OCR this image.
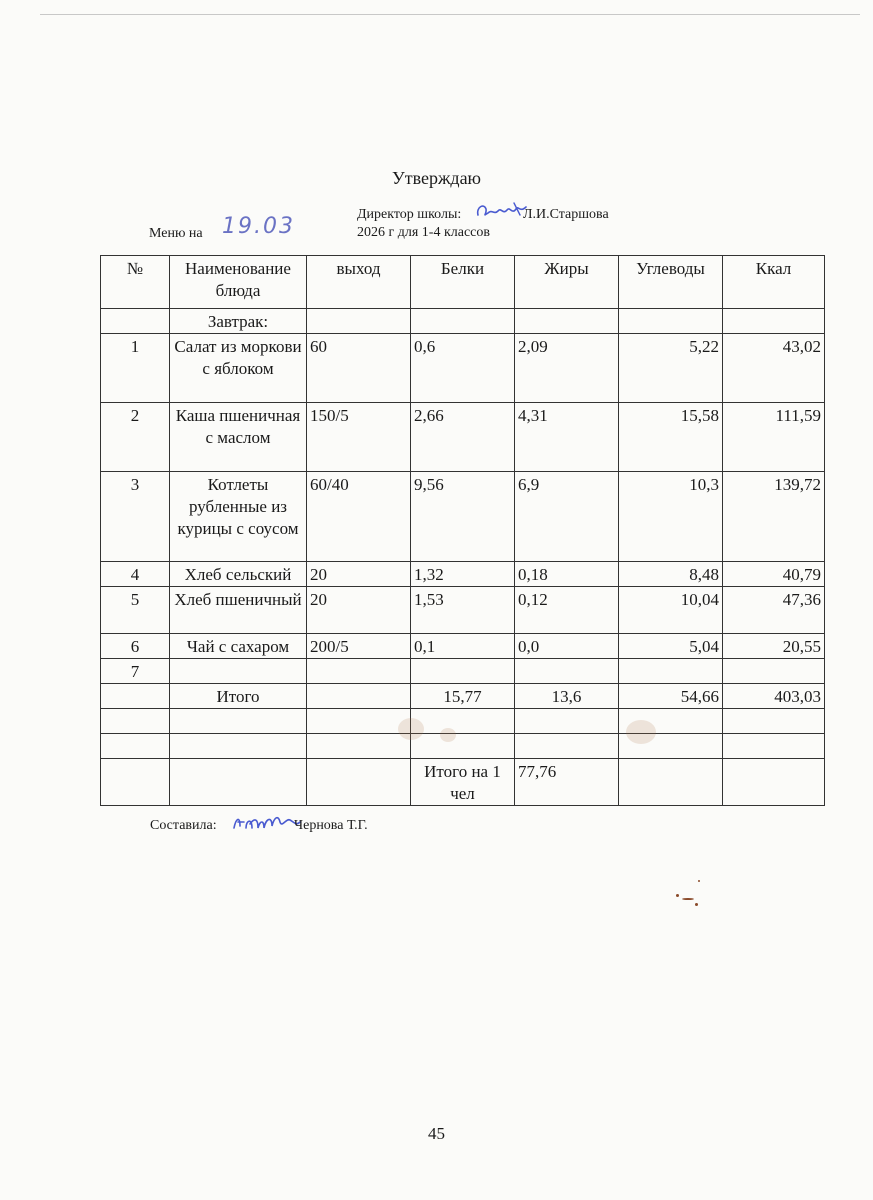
Утверждаю
Меню на 19.03	Директор школы:	Л.И.Старшова
2026 г для 1-4 классов
№	Наименование блюда	выход	Белки	Жиры	Углеводы	Ккал
	Завтрак:					
1	Салат из моркови с яблоком	60	0,6	2,09	5,22	43,02
2	Каша пшеничная с маслом	150/5	2,66	4,31	15,58	111,59
3	Котлеты рубленные из курицы с соусом	60/40	9,56	6,9	10,3	139,72
4	Хлеб сельский	20	1,32	0,18	8,48	40,79
5	Хлеб пшеничный	20	1,53	0,12	10,04	47,36
6	Чай с сахаром	200/5	0,1	0,0	5,04	20,55
7						
	Итого		15,77	13,6	54,66	403,03

			Итого на 1 чел	77,76		
Составила:	Чернова Т.Г.
45
